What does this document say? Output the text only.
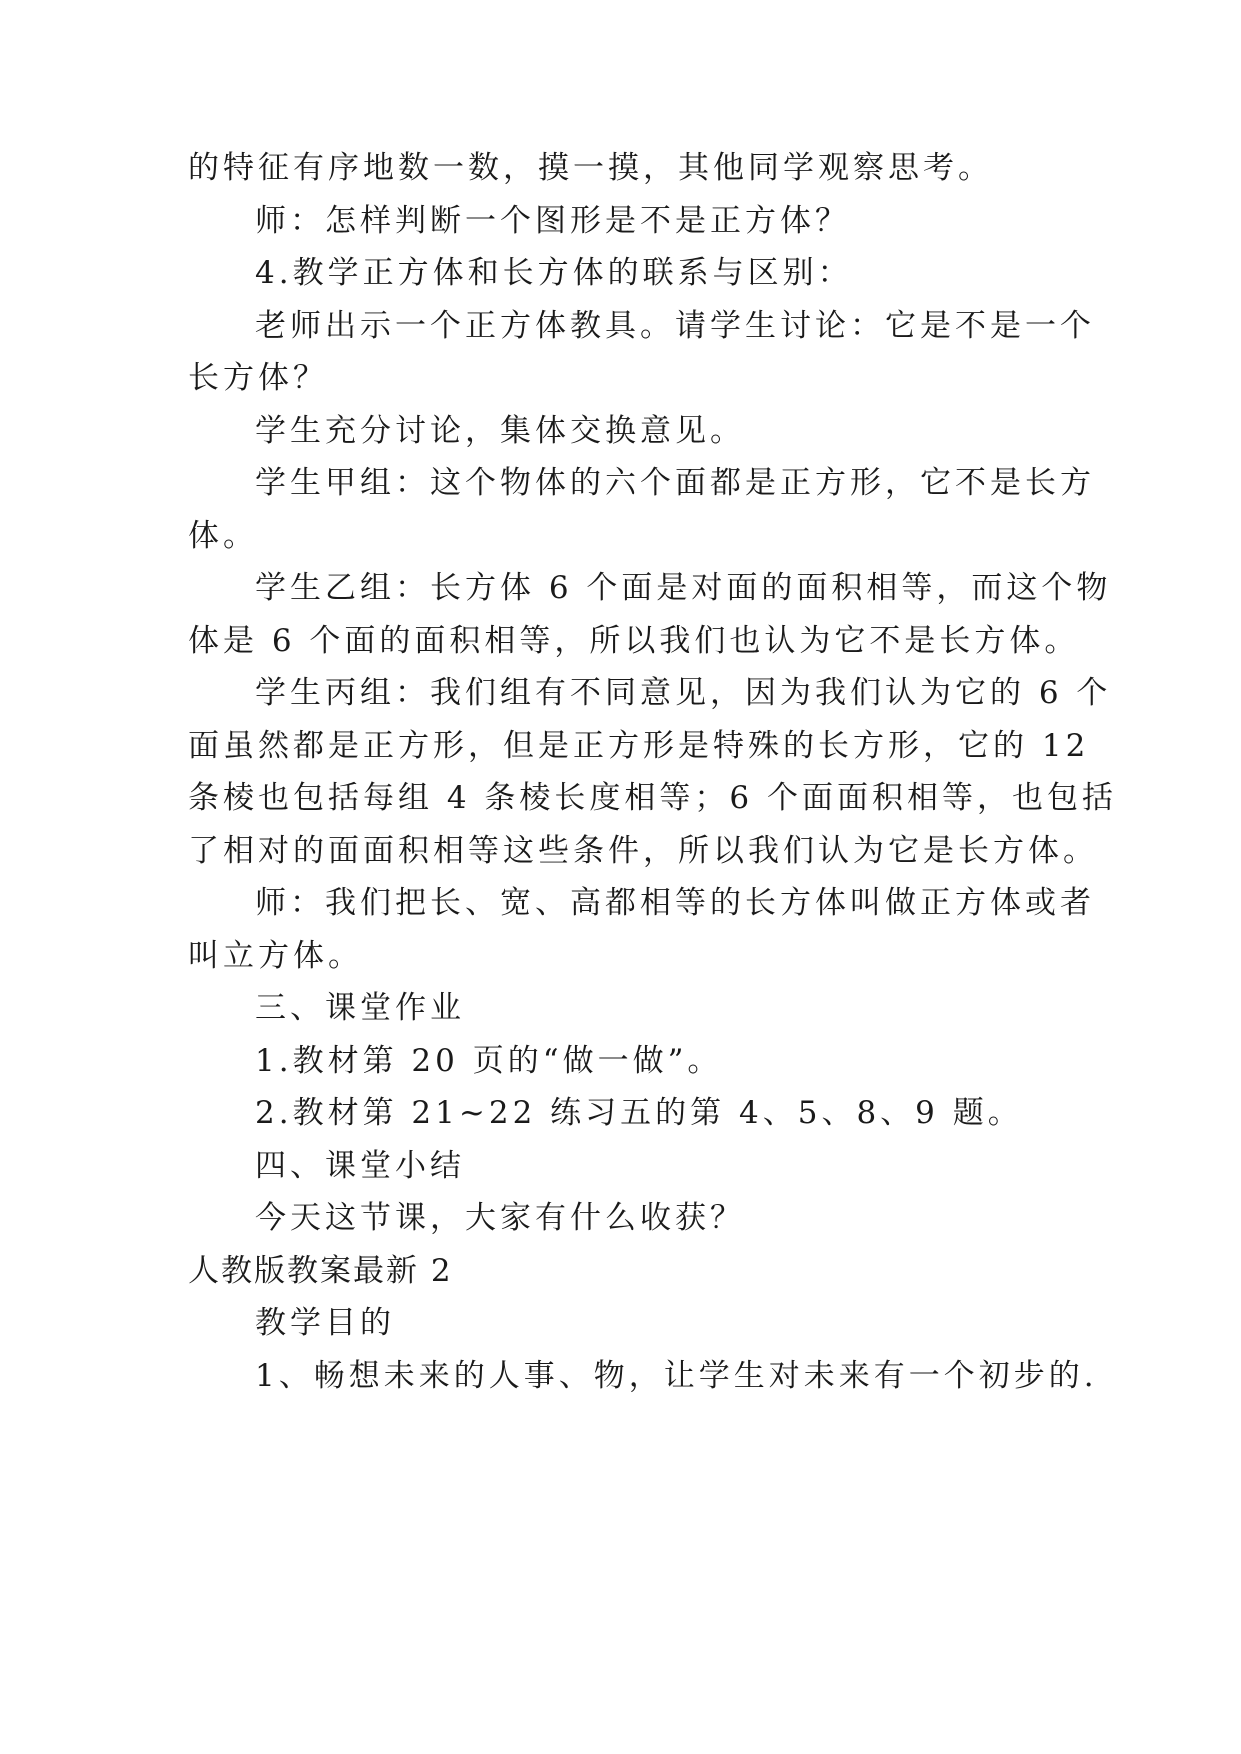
的特征有序地数一数，摸一摸，其他同学观察思考。
师：怎样判断一个图形是不是正方体？
4.教学正方体和长方体的联系与区别：
老师出示一个正方体教具。请学生讨论：它是不是一个
长方体？
学生充分讨论，集体交换意见。
学生甲组：这个物体的六个面都是正方形，它不是长方
体。
学生乙组：长方体 6 个面是对面的面积相等，而这个物
体是 6 个面的面积相等，所以我们也认为它不是长方体。
学生丙组：我们组有不同意见，因为我们认为它的 6 个
面虽然都是正方形，但是正方形是特殊的长方形，它的 12
条棱也包括每组 4 条棱长度相等；6 个面面积相等，也包括
了相对的面面积相等这些条件，所以我们认为它是长方体。
师：我们把长、宽、高都相等的长方体叫做正方体或者
叫立方体。
三、课堂作业
1.教材第 20 页的“做一做”。
2.教材第 21~22 练习五的第 4、5、8、9 题。
四、课堂小结
今天这节课，大家有什么收获？
人教版教案最新 2
教学目的
1、畅想未来的人事、物，让学生对未来有一个初步的.
